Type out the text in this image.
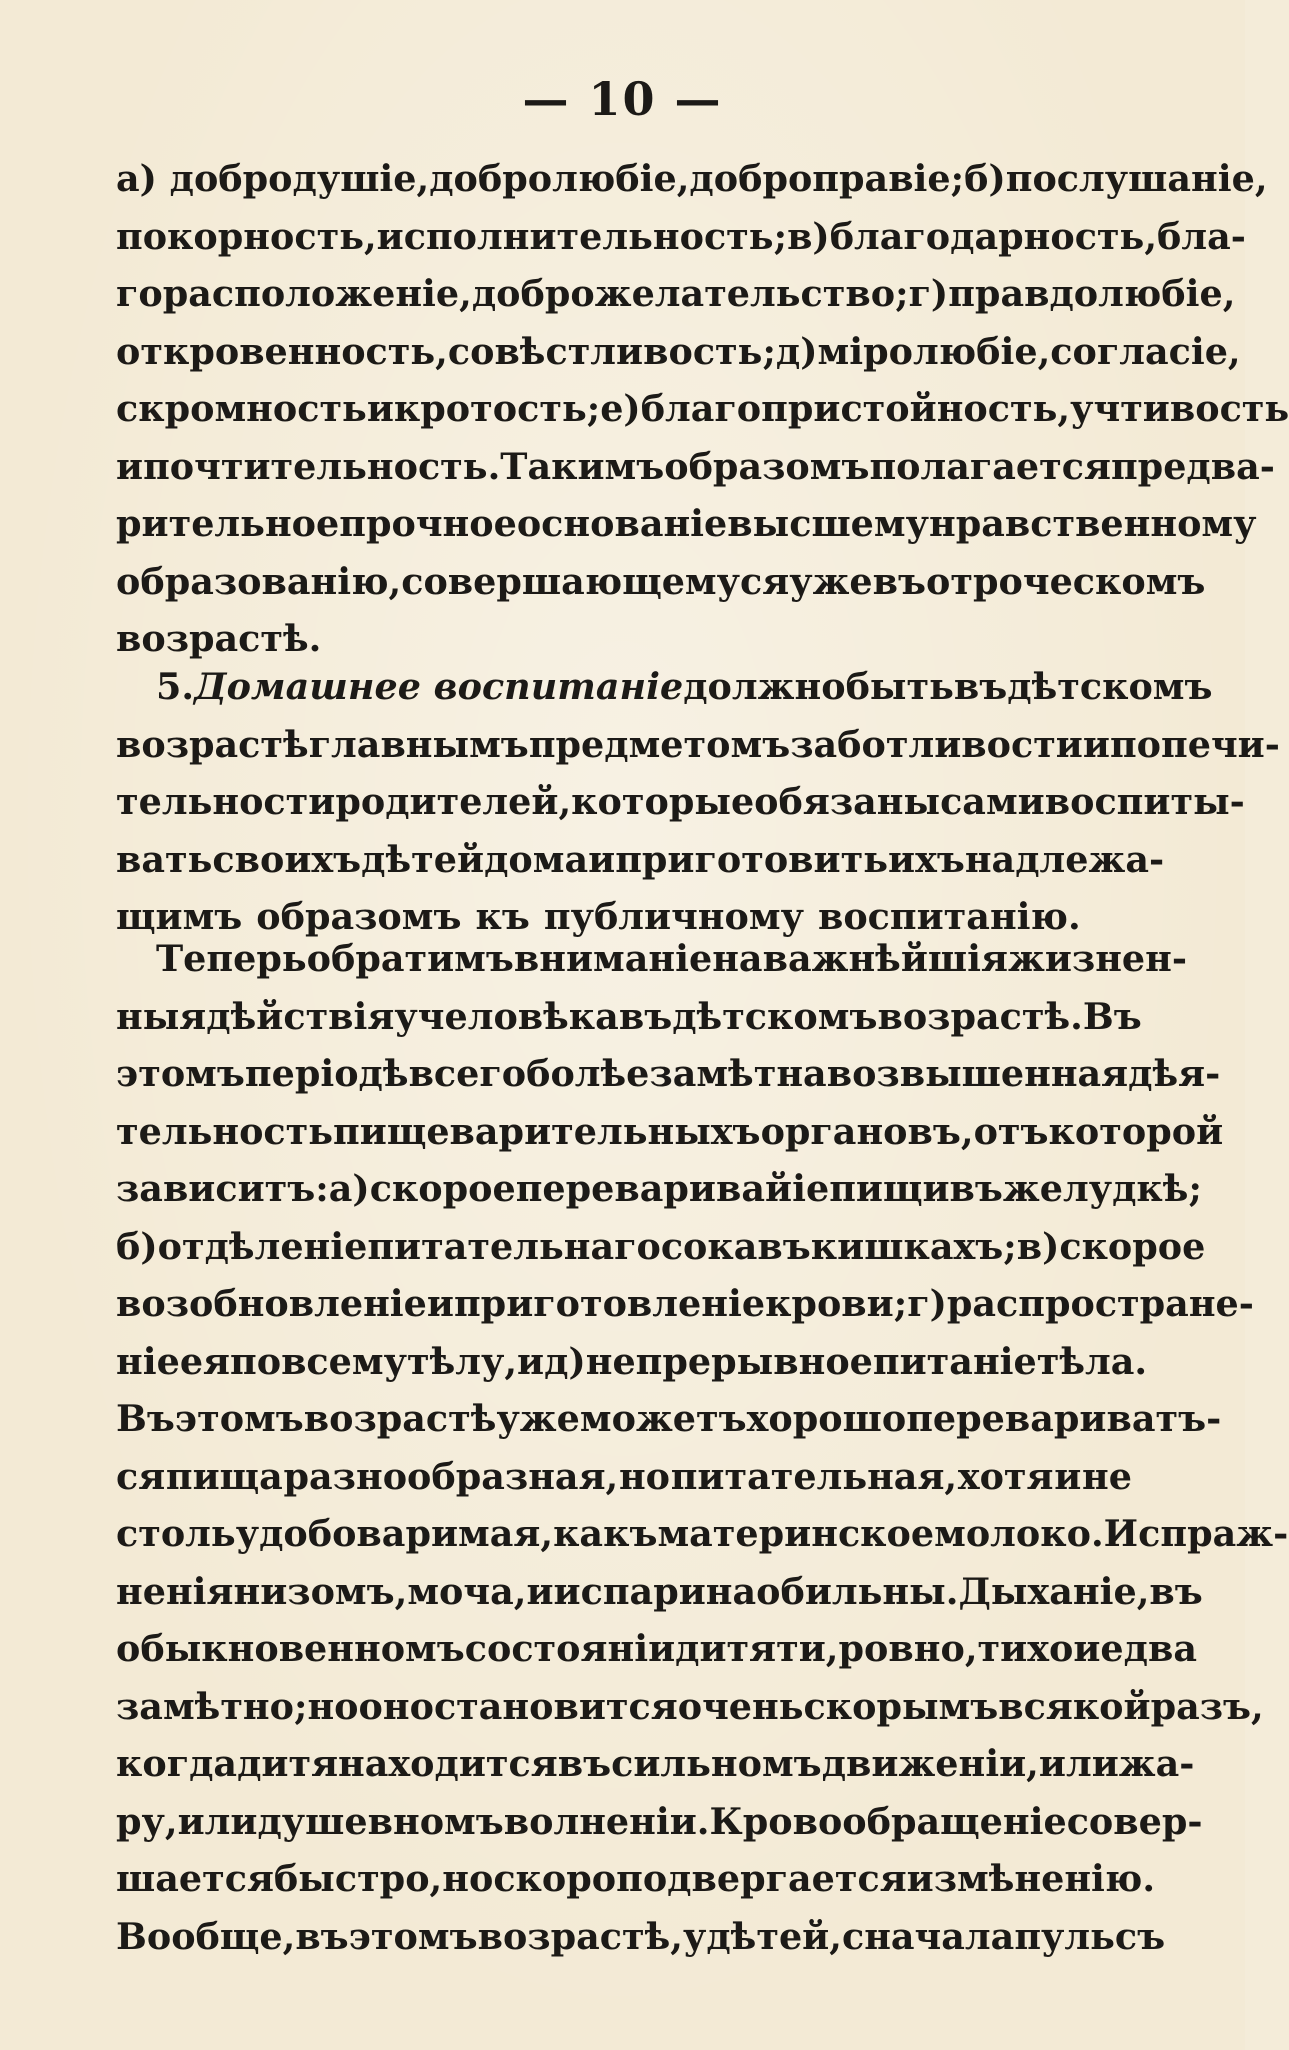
— 10 —
а) добродушіе, добролюбіе, доброправіе; б) послушаніе,
покорность, исполнительность; в) благодарность, бла-
горасположеніе, доброжелательство; г) правдолюбіе,
откровенность, совѣстливость; д) міролюбіе, согласіе,
скромность и кротость; е) благопристойность, учтивость
и почтительность. Такимъ образомъ полагается предва-
рительное прочное основаніе высшему нравственному
образованію, совершающемуся уже въ отроческомъ
возрастѣ.
5. Домашнее воспитаніе должно быть въ дѣтскомъ
возрастѣ главнымъ предметомъ заботливости и попечи-
тельности родителей, которые обязаны сами воспиты-
вать своихъ дѣтей дома и приготовить ихъ надлежа-
щимъ образомъ къ публичному воспитанію.
Теперь обратимъ вниманіе на важнѣйшія жизнен-
ныя дѣйствія у человѣка въ дѣтскомъ возрастѣ. Въ
этомъ періодѣ всего болѣе замѣтна возвышенная дѣя-
тельность пищеварительныхъ органовъ, отъ которой
зависитъ: а) скорое переваривайіе пищи въ желудкѣ;
б) отдѣленіе питательнаго сока въ кишкахъ; в) скорое
возобновленіе и приготовленіе крови; г) распростране-
ніе ея по всему тѣлу, и д) непрерывное питаніе тѣла.
Въ этомъ возрастѣ уже можетъ хорошо перевариватъ-
ся пища разнообразная, но питательная, хотя и не
столь удобоваримая, какъ материнское молоко. Испраж-
ненія низомъ, моча, и испарина обильны. Дыханіе, въ
обыкновенномъ состояніи дитяти, ровно, тихо и едва
замѣтно; но оно становится очень скорымъ всякой разъ,
когда дитя находится въ сильномъ движеніи, или жа-
ру, или душевномъ волненіи. Кровообращеніе совер-
шается быстро, но скоро подвергается измѣненію.
Вообще, въ этомъ возрастѣ, у дѣтей, сначала пульсъ
